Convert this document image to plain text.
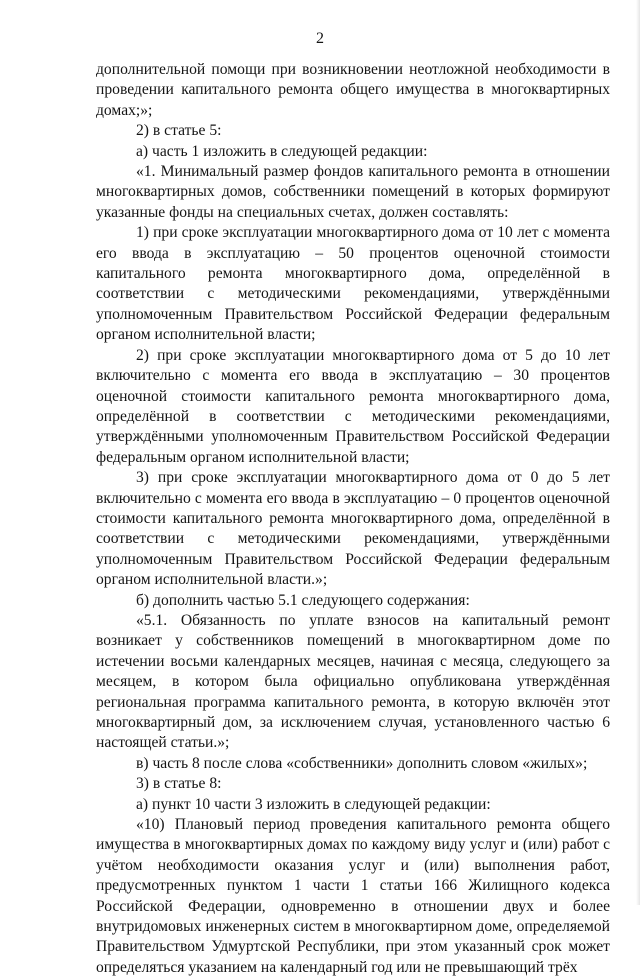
2

дополнительной помощи при возникновении неотложной необходимости в проведении капитального ремонта общего имущества в многоквартирных домах;»;

2) в статье 5:

а) часть 1 изложить в следующей редакции:

«1. Минимальный размер фондов капитального ремонта в отношении многоквартирных домов, собственники помещений в которых формируют указанные фонды на специальных счетах, должен составлять:

1) при сроке эксплуатации многоквартирного дома от 10 лет с момента его ввода в эксплуатацию – 50 процентов оценочной стоимости капитального ремонта многоквартирного дома, определённой в соответствии с методическими рекомендациями, утверждёнными уполномоченным Правительством Российской Федерации федеральным органом исполнительной власти;

2) при сроке эксплуатации многоквартирного дома от 5 до 10 лет включительно с момента его ввода в эксплуатацию – 30 процентов оценочной стоимости капитального ремонта многоквартирного дома, определённой в соответствии с методическими рекомендациями, утверждёнными уполномоченным Правительством Российской Федерации федеральным органом исполнительной власти;

3) при сроке эксплуатации многоквартирного дома от 0 до 5 лет включительно с момента его ввода в эксплуатацию – 0 процентов оценочной стоимости капитального ремонта многоквартирного дома, определённой в соответствии с методическими рекомендациями, утверждёнными уполномоченным Правительством Российской Федерации федеральным органом исполнительной власти.»;

б) дополнить частью 5.1 следующего содержания:

«5.1. Обязанность по уплате взносов на капитальный ремонт возникает у собственников помещений в многоквартирном доме по истечении восьми календарных месяцев, начиная с месяца, следующего за месяцем, в котором была официально опубликована утверждённая региональная программа капитального ремонта, в которую включён этот многоквартирный дом, за исключением случая, установленного частью 6 настоящей статьи.»;

в) часть 8 после слова «собственники» дополнить словом «жилых»;

3) в статье 8:

а) пункт 10 части 3 изложить в следующей редакции:

«10) Плановый период проведения капитального ремонта общего имущества в многоквартирных домах по каждому виду услуг и (или) работ с учётом необходимости оказания услуг и (или) выполнения работ, предусмотренных пунктом 1 части 1 статьи 166 Жилищного кодекса Российской Федерации, одновременно в отношении двух и более внутридомовых инженерных систем в многоквартирном доме, определяемой Правительством Удмуртской Республики, при этом указанный срок может определяться указанием на календарный год или не превышающий трёх
